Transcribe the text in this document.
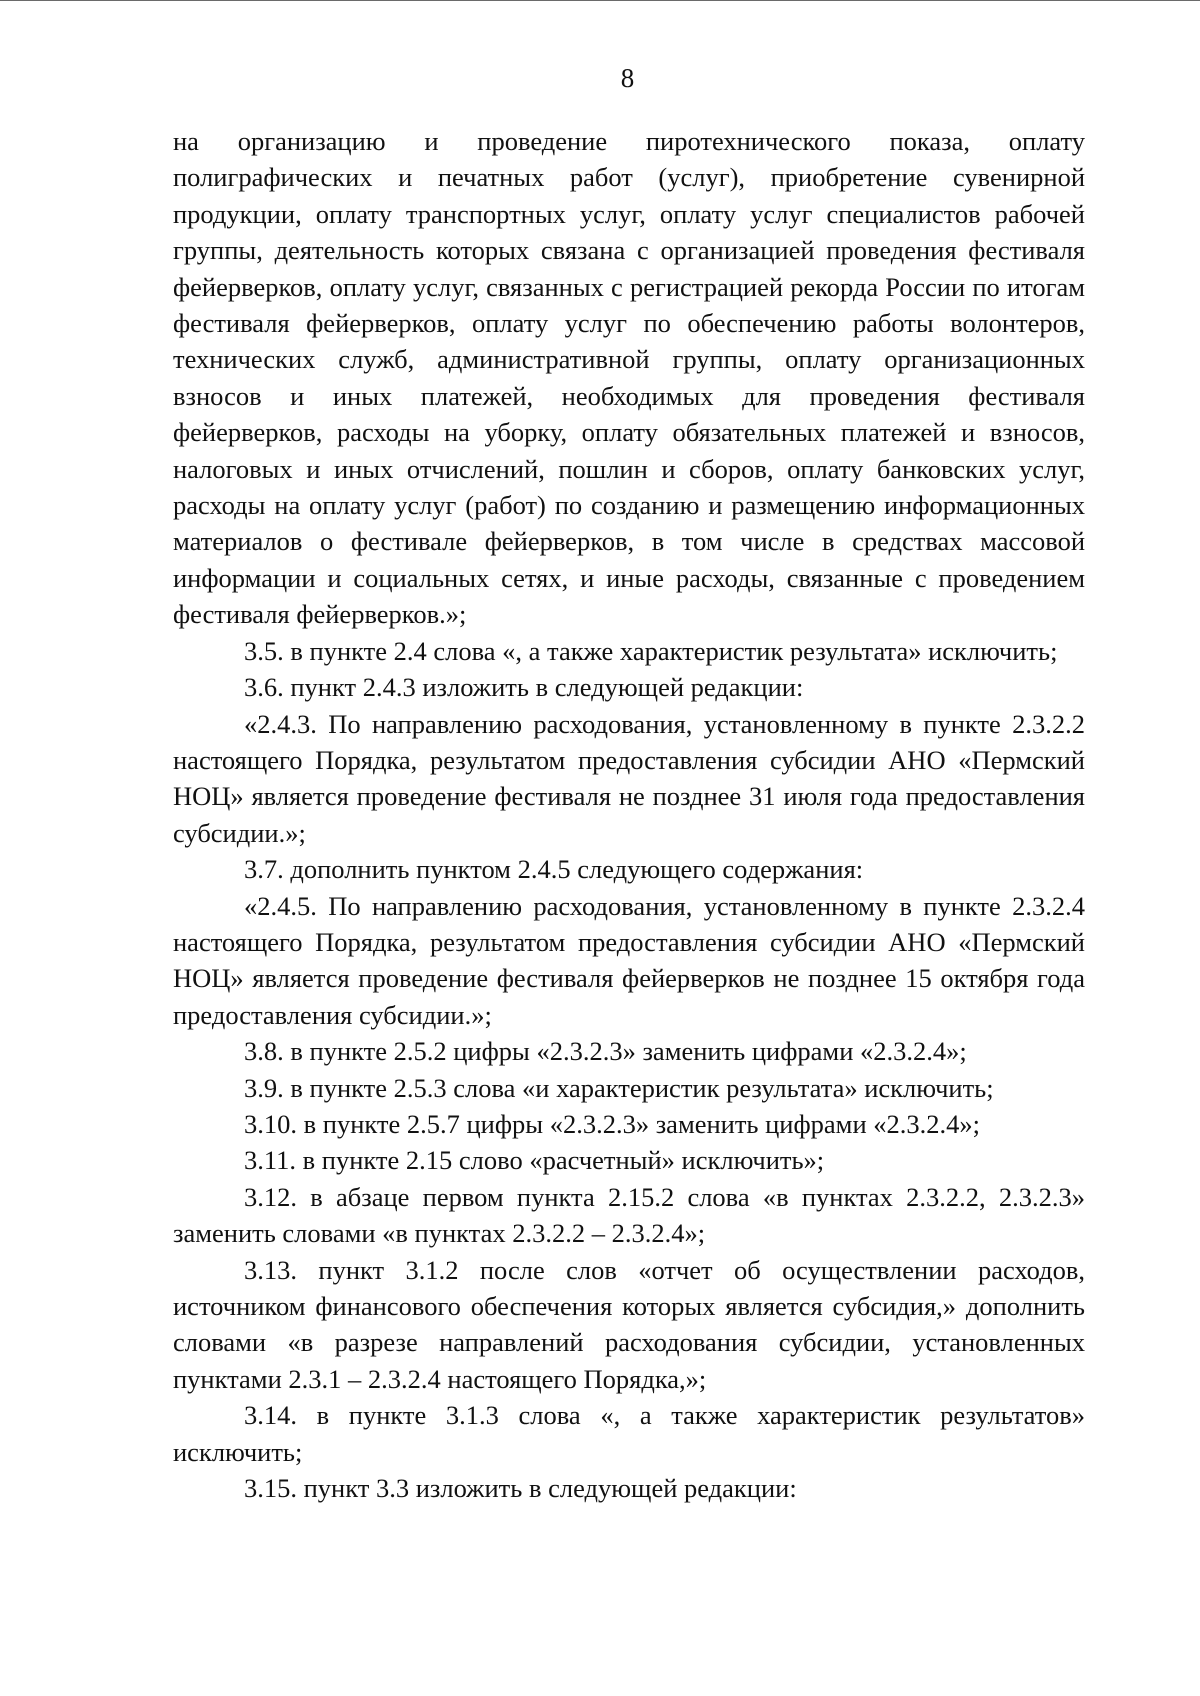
8

на организацию и проведение пиротехнического показа, оплату полиграфических и печатных работ (услуг), приобретение сувенирной продукции, оплату транспортных услуг, оплату услуг специалистов рабочей группы, деятельность которых связана с организацией проведения фестиваля фейерверков, оплату услуг, связанных с регистрацией рекорда России по итогам фестиваля фейерверков, оплату услуг по обеспечению работы волонтеров, технических служб, административной группы, оплату организационных взносов и иных платежей, необходимых для проведения фестиваля фейерверков, расходы на уборку, оплату обязательных платежей и взносов, налоговых и иных отчислений, пошлин и сборов, оплату банковских услуг, расходы на оплату услуг (работ) по созданию и размещению информационных материалов о фестивале фейерверков, в том числе в средствах массовой информации и социальных сетях, и иные расходы, связанные с проведением фестиваля фейерверков.»;

3.5. в пункте 2.4 слова «, а также характеристик результата» исключить;

3.6. пункт 2.4.3 изложить в следующей редакции:

«2.4.3. По направлению расходования, установленному в пункте 2.3.2.2 настоящего Порядка, результатом предоставления субсидии АНО «Пермский НОЦ» является проведение фестиваля не позднее 31 июля года предоставления субсидии.»;

3.7. дополнить пунктом 2.4.5 следующего содержания:

«2.4.5. По направлению расходования, установленному в пункте 2.3.2.4 настоящего Порядка, результатом предоставления субсидии АНО «Пермский НОЦ» является проведение фестиваля фейерверков не позднее 15 октября года предоставления субсидии.»;

3.8. в пункте 2.5.2 цифры «2.3.2.3» заменить цифрами «2.3.2.4»;

3.9. в пункте 2.5.3 слова «и характеристик результата» исключить;

3.10. в пункте 2.5.7 цифры «2.3.2.3» заменить цифрами «2.3.2.4»;

3.11. в пункте 2.15 слово «расчетный» исключить»;

3.12. в абзаце первом пункта 2.15.2 слова «в пунктах 2.3.2.2, 2.3.2.3» заменить словами «в пунктах 2.3.2.2 – 2.3.2.4»;

3.13. пункт 3.1.2 после слов «отчет об осуществлении расходов, источником финансового обеспечения которых является субсидия,» дополнить словами «в разрезе направлений расходования субсидии, установленных пунктами 2.3.1 – 2.3.2.4 настоящего Порядка,»;

3.14. в пункте 3.1.3 слова «, а также характеристик результатов» исключить;

3.15. пункт 3.3 изложить в следующей редакции:
